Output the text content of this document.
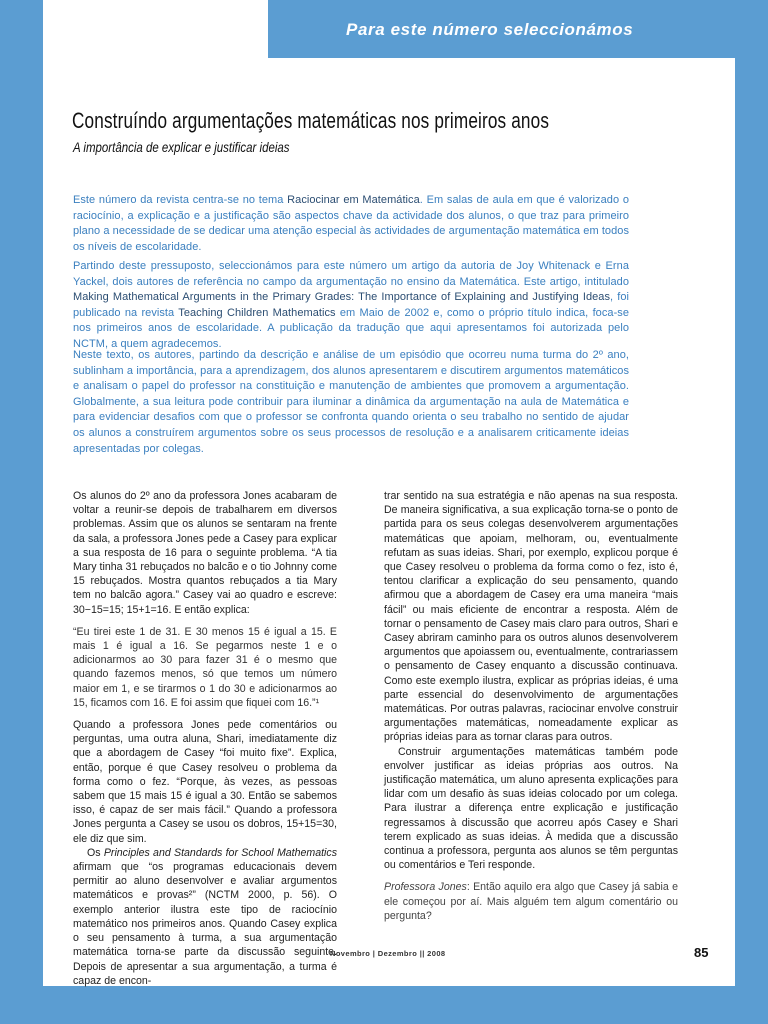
Para este número seleccionámos
Construíndo argumentações matemáticas nos primeiros anos
A importância de explicar e justificar ideias
Este número da revista centra-se no tema Raciocinar em Matemática. Em salas de aula em que é valorizado o raciocínio, a explicação e a justificação são aspectos chave da actividade dos alunos, o que traz para primeiro plano a necessidade de se dedicar uma atenção especial às actividades de argumentação matemática em todos os níveis de escolaridade.
Partindo deste pressuposto, seleccionámos para este número um artigo da autoria de Joy Whitenack e Erna Yackel, dois autores de referência no campo da argumentação no ensino da Matemática. Este artigo, intitulado Making Mathematical Arguments in the Primary Grades: The Importance of Explaining and Justifying Ideas, foi publicado na revista Teaching Children Mathematics em Maio de 2002 e, como o próprio título indica, foca-se nos primeiros anos de escolaridade. A publicação da tradução que aqui apresentamos foi autorizada pelo NCTM, a quem agradecemos.
Neste texto, os autores, partindo da descrição e análise de um episódio que ocorreu numa turma do 2º ano, sublinham a importância, para a aprendizagem, dos alunos apresentarem e discutirem argumentos matemáticos e analisam o papel do professor na constituição e manutenção de ambientes que promovem a argumentação. Globalmente, a sua leitura pode contribuir para iluminar a dinâmica da argumentação na aula de Matemática e para evidenciar desafios com que o professor se confronta quando orienta o seu trabalho no sentido de ajudar os alunos a construírem argumentos sobre os seus processos de resolução e a analisarem criticamente ideias apresentadas por colegas.

Os alunos do 2º ano da professora Jones acabaram de voltar a reunir-se depois de trabalharem em diversos problemas. Assim que os alunos se sentaram na frente da sala, a professora Jones pede a Casey para explicar a sua resposta de 16 para o seguinte problema. “A tia Mary tinha 31 rebuçados no balcão e o tio Johnny come 15 rebuçados. Mostra quantos rebuçados a tia Mary tem no balcão agora.” Casey vai ao quadro e escreve: 30−15=15; 15+1=16. E então explica:

“Eu tirei este 1 de 31. E 30 menos 15 é igual a 15. E mais 1 é igual a 16. Se pegarmos neste 1 e o adicionarmos ao 30 para fazer 31 é o mesmo que quando fazemos menos, só que temos um número maior em 1, e se tirarmos o 1 do 30 e adicionarmos ao 15, ficamos com 16. E foi assim que fiquei com 16.”¹

Quando a professora Jones pede comentários ou perguntas, uma outra aluna, Shari, imediatamente diz que a abordagem de Casey “foi muito fixe”. Explica, então, porque é que Casey resolveu o problema da forma como o fez. “Porque, às vezes, as pessoas sabem que 15 mais 15 é igual a 30. Então se sabemos isso, é capaz de ser mais fácil.” Quando a professora Jones pergunta a Casey se usou os dobros, 15+15=30, ele diz que sim.

Os Principles and Standards for School Mathematics afirmam que “os programas educacionais devem permitir ao aluno desenvolver e avaliar argumentos matemáticos e provas²” (NCTM 2000, p. 56). O exemplo anterior ilustra este tipo de raciocínio matemático nos primeiros anos. Quando Casey explica o seu pensamento à turma, a sua argumentação matemática torna-se parte da discussão seguinte. Depois de apresentar a sua argumentação, a turma é capaz de encon-

trar sentido na sua estratégia e não apenas na sua resposta. De maneira significativa, a sua explicação torna-se o ponto de partida para os seus colegas desenvolverem argumentações matemáticas que apoiam, melhoram, ou, eventualmente refutam as suas ideias. Shari, por exemplo, explicou porque é que Casey resolveu o problema da forma como o fez, isto é, tentou clarificar a explicação do seu pensamento, quando afirmou que a abordagem de Casey era uma maneira “mais fácil” ou mais eficiente de encontrar a resposta. Além de tornar o pensamento de Casey mais claro para outros, Shari e Casey abriram caminho para os outros alunos desenvolverem argumentos que apoiassem ou, eventualmente, contrariassem o pensamento de Casey enquanto a discussão continuava. Como este exemplo ilustra, explicar as próprias ideias, é uma parte essencial do desenvolvimento de argumentações matemáticas. Por outras palavras, raciocinar envolve construir argumentações matemáticas, nomeadamente explicar as próprias ideias para as tornar claras para outros.

Construir argumentações matemáticas também pode envolver justificar as ideias próprias aos outros. Na justificação matemática, um aluno apresenta explicações para lidar com um desafio às suas ideias colocado por um colega. Para ilustrar a diferença entre explicação e justificação regressamos à discussão que acorreu após Casey e Shari terem explicado as suas ideias. À medida que a discussão continua a professora, pergunta aos alunos se têm perguntas ou comentários e Teri responde.

Professora Jones: Então aquilo era algo que Casey já sabia e ele começou por aí. Mais alguém tem algum comentário ou pergunta?

Novembro | Dezembro || 2008	85
